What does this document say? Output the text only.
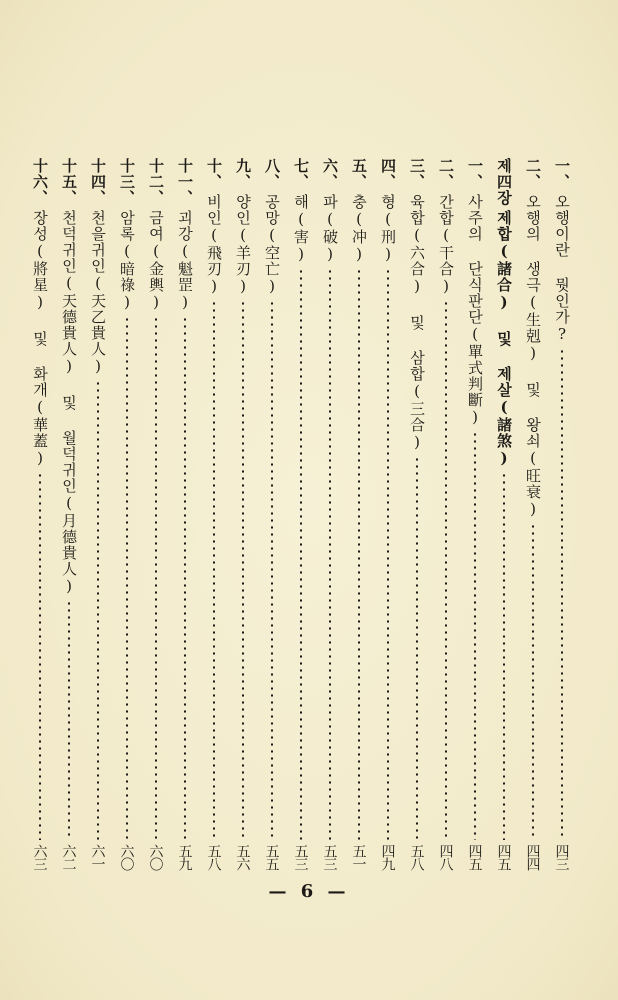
一、오행이란 뭣인가?
四三
二、오행의 생극(生剋) 및 왕쇠(旺衰)
四四
제四장제합(諸合) 및 제살(諸煞)
四五
一、사주의 단식판단(單式判斷)
四五
二、간합(干合)
四八
三、육합(六合) 및 삼합(三合)
五八
四、형(刑)
四九
五、충(冲)
五一
六、파(破)
五三
七、해(害)
五三
八、공망(空亡)
五五
九、양인(羊刃)
五六
十、비인(飛刃)
五八
十一、괴강(魁罡)
五九
十二、금여(金輿)
六〇
十三、암록(暗祿)
六〇
十四、천을귀인(天乙貴人)
六一
十五、천덕귀인(天德貴人) 및 월덕귀인(月德貴人)
六二
十六、장성(將星) 및 화개(華蓋)
六三
— 6 —
